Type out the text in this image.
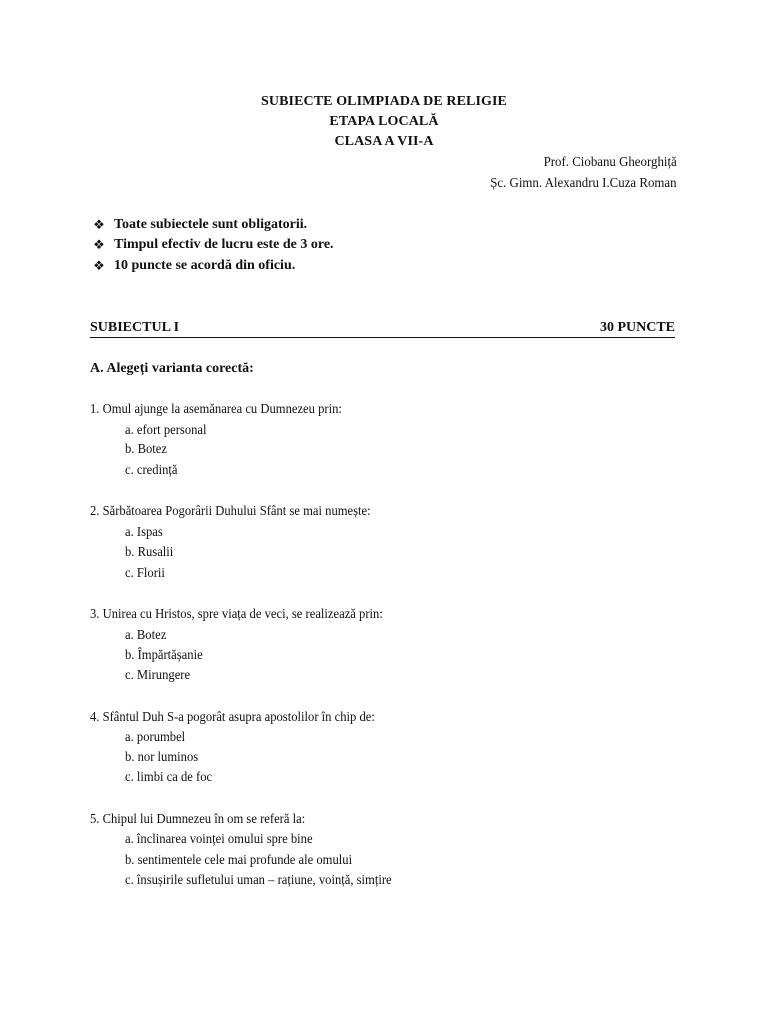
SUBIECTE OLIMPIADA DE RELIGIE
ETAPA LOCALĂ
CLASA A VII-A
Prof. Ciobanu Gheorghiță
Șc. Gimn. Alexandru I.Cuza Roman
❖ Toate subiectele sunt obligatorii.
❖ Timpul efectiv de lucru este de 3 ore.
❖ 10 puncte se acordă din oficiu.
SUBIECTUL I	30 PUNCTE
A. Alegeți varianta corectă:
1. Omul ajunge la asemănarea cu Dumnezeu prin:
a. efort personal
b. Botez
c. credință
2. Sărbătoarea Pogorârii Duhului Sfânt se mai numește:
a. Ispas
b. Rusalii
c. Florii
3. Unirea cu Hristos, spre viața de veci, se realizează prin:
a. Botez
b. Împărtășanie
c. Mirungere
4. Sfântul Duh S-a pogorât asupra apostolilor în chip de:
a. porumbel
b. nor luminos
c. limbi ca de foc
5. Chipul lui Dumnezeu în om se referă la:
a. înclinarea voinței omului spre bine
b. sentimentele cele mai profunde ale omului
c. însușirile sufletului uman – rațiune, voință, simțire
